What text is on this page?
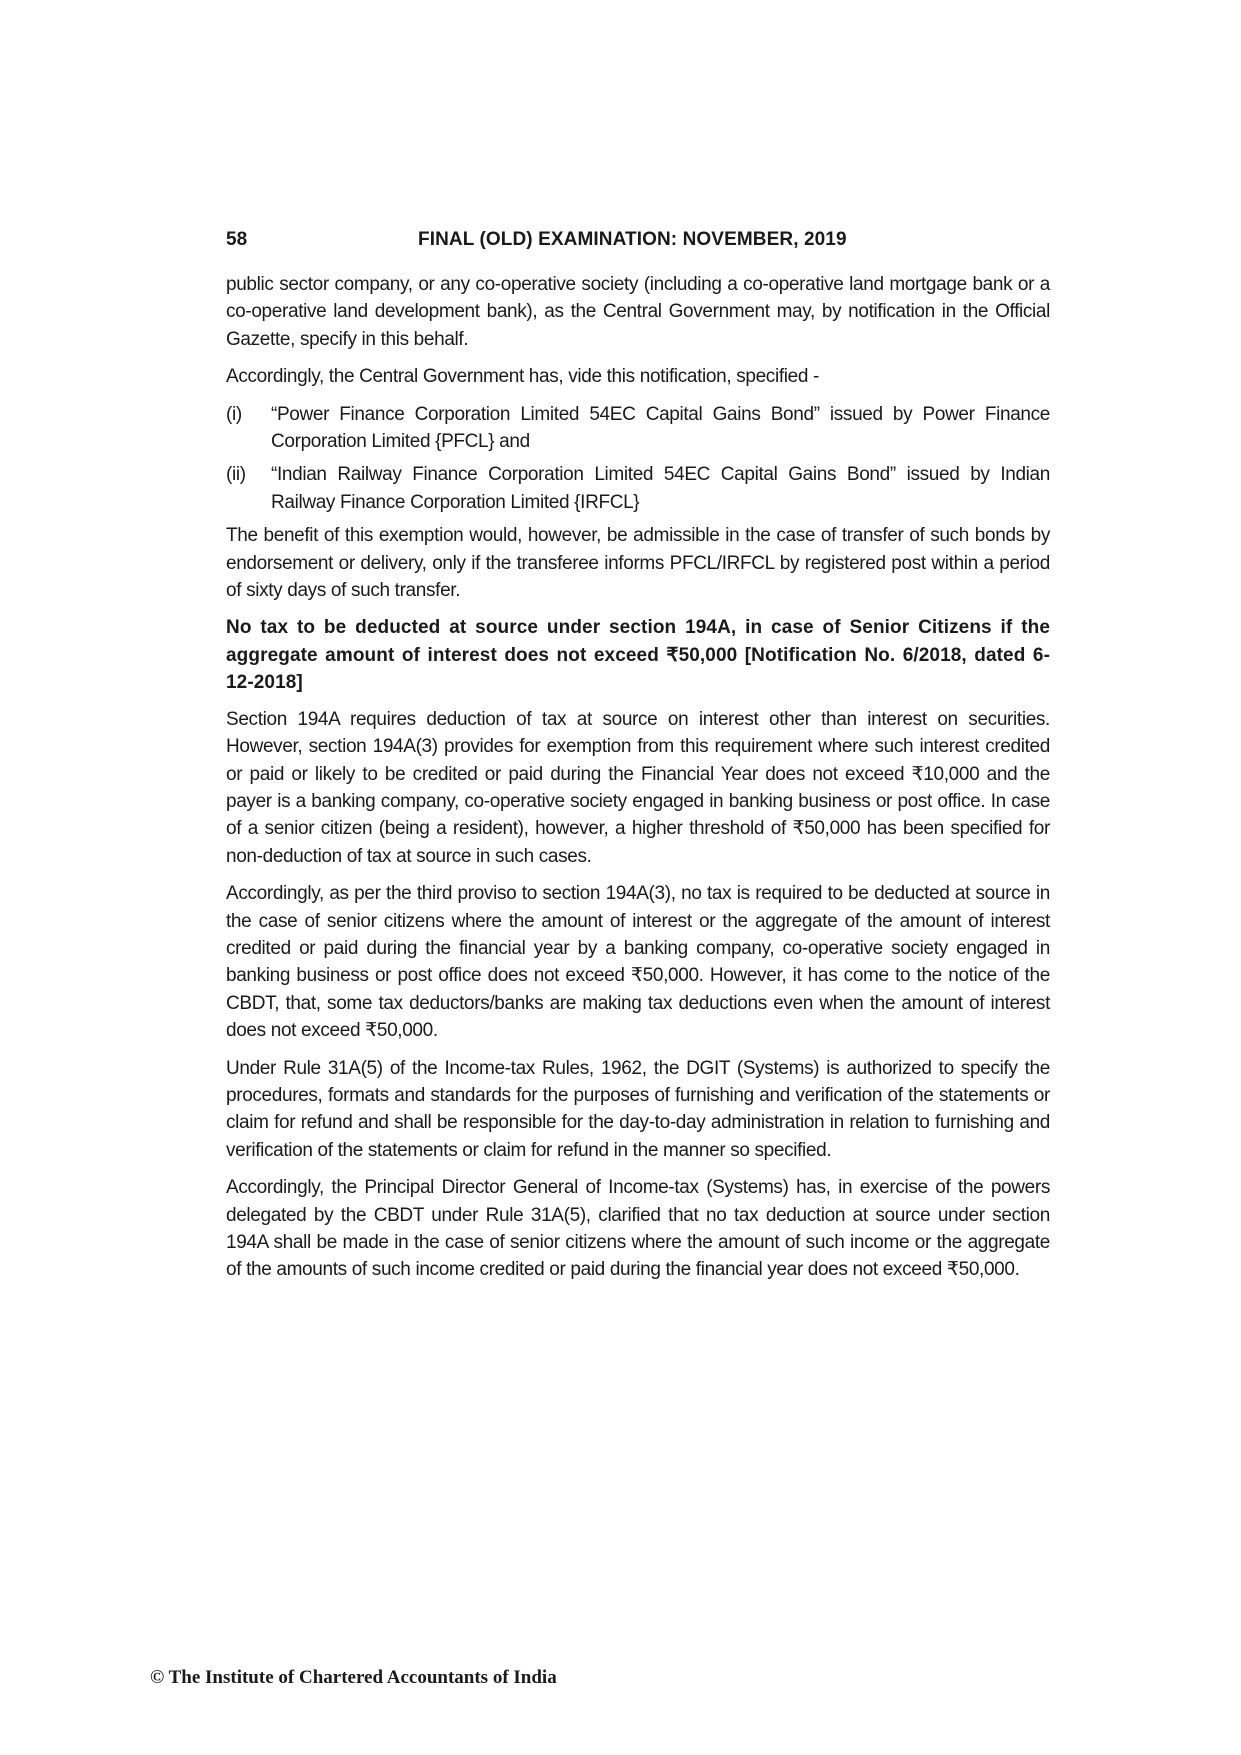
58	FINAL (OLD) EXAMINATION: NOVEMBER, 2019

public sector company, or any co-operative society (including a co-operative land mortgage bank or a co-operative land development bank), as the Central Government may, by notification in the Official Gazette, specify in this behalf.

Accordingly, the Central Government has, vide this notification, specified -

(i)	“Power Finance Corporation Limited 54EC Capital Gains Bond” issued by Power Finance Corporation Limited {PFCL} and
(ii)	“Indian Railway Finance Corporation Limited 54EC Capital Gains Bond” issued by Indian Railway Finance Corporation Limited {IRFCL}

The benefit of this exemption would, however, be admissible in the case of transfer of such bonds by endorsement or delivery, only if the transferee informs PFCL/IRFCL by registered post within a period of sixty days of such transfer.

No tax to be deducted at source under section 194A, in case of Senior Citizens if the aggregate amount of interest does not exceed ₹50,000 [Notification No. 6/2018, dated 6-12-2018]

Section 194A requires deduction of tax at source on interest other than interest on securities. However, section 194A(3) provides for exemption from this requirement where such interest credited or paid or likely to be credited or paid during the Financial Year does not exceed ₹10,000 and the payer is a banking company, co-operative society engaged in banking business or post office. In case of a senior citizen (being a resident), however, a higher threshold of ₹50,000 has been specified for non-deduction of tax at source in such cases.

Accordingly, as per the third proviso to section 194A(3), no tax is required to be deducted at source in the case of senior citizens where the amount of interest or the aggregate of the amount of interest credited or paid during the financial year by a banking company, co-operative society engaged in banking business or post office does not exceed ₹50,000. However, it has come to the notice of the CBDT, that, some tax deductors/banks are making tax deductions even when the amount of interest does not exceed ₹50,000.

Under Rule 31A(5) of the Income-tax Rules, 1962, the DGIT (Systems) is authorized to specify the procedures, formats and standards for the purposes of furnishing and verification of the statements or claim for refund and shall be responsible for the day-to-day administration in relation to furnishing and verification of the statements or claim for refund in the manner so specified.

Accordingly, the Principal Director General of Income-tax (Systems) has, in exercise of the powers delegated by the CBDT under Rule 31A(5), clarified that no tax deduction at source under section 194A shall be made in the case of senior citizens where the amount of such income or the aggregate of the amounts of such income credited or paid during the financial year does not exceed ₹50,000.

© The Institute of Chartered Accountants of India
